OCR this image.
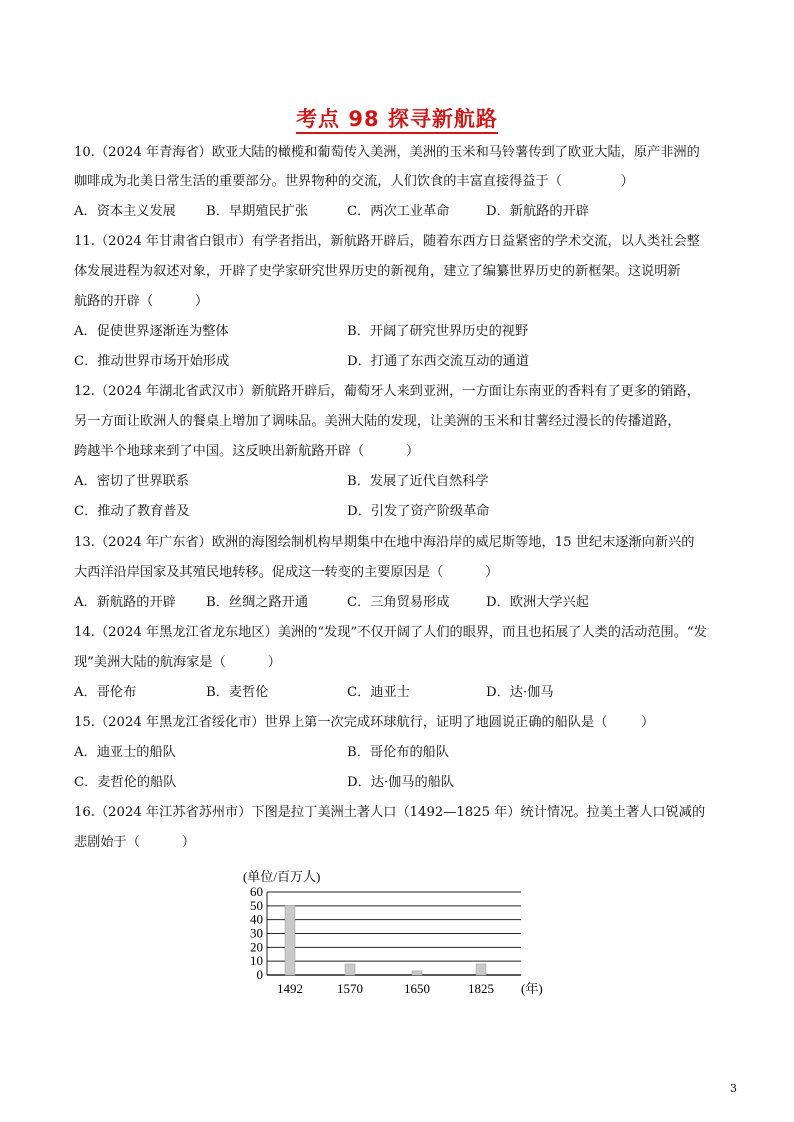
考点 98 探寻新航路
10.（2024 年青海省）欧亚大陆的橄榄和葡萄传入美洲，美洲的玉米和马铃薯传到了欧亚大陆，原产非洲的
咖啡成为北美日常生活的重要部分。世界物种的交流，人们饮食的丰富直接得益于（              ）
A．资本主义发展 B．早期殖民扩张	C．两次工业革命	D．新航路的开辟
11.（2024 年甘肃省白银市）有学者指出，新航路开辟后，随着东西方日益紧密的学术交流，以人类社会整
体发展进程为叙述对象，开辟了史学家研究世界历史的新视角，建立了编纂世界历史的新框架。这说明新
航路的开辟（          ）
A．促使世界逐渐连为整体	B．开阔了研究世界历史的视野
C．推动世界市场开始形成	D．打通了东西交流互动的通道
12.（2024 年湖北省武汉市）新航路开辟后，葡萄牙人来到亚洲，一方面让东南亚的香料有了更多的销路，
另一方面让欧洲人的餐桌上增加了调味品。美洲大陆的发现，让美洲的玉米和甘薯经过漫长的传播道路，
跨越半个地球来到了中国。这反映出新航路开辟（          ）
A．密切了世界联系	B．发展了近代自然科学
C．推动了教育普及	D．引发了资产阶级革命
13.（2024 年广东省）欧洲的海图绘制机构早期集中在地中海沿岸的威尼斯等地，15 世纪末逐渐向新兴的
大西洋沿岸国家及其殖民地转移。促成这一转变的主要原因是（          ）
A．新航路的开辟 B．丝绸之路开通	C．三角贸易形成	D．欧洲大学兴起
14.（2024 年黑龙江省龙东地区）美洲的“发现”不仅开阔了人们的眼界，而且也拓展了人类的活动范围。“发
现”美洲大陆的航海家是（          ）
A．哥伦布	B．麦哲伦	C．迪亚士	D．达·伽马
15.（2024 年黑龙江省绥化市）世界上第一次完成环球航行，证明了地圆说正确的船队是（        ）
A．迪亚士的船队	B．哥伦布的船队
C．麦哲伦的船队	D．达·伽马的船队
16.（2024 年江苏省苏州市）下图是拉丁美洲土著人口（1492—1825 年）统计情况。拉美土著人口锐减的
悲剧始于（          ）
(单位/百万人)
0
10
20
30
40
50
60
1492	1570	1650	1825 (年)
3
